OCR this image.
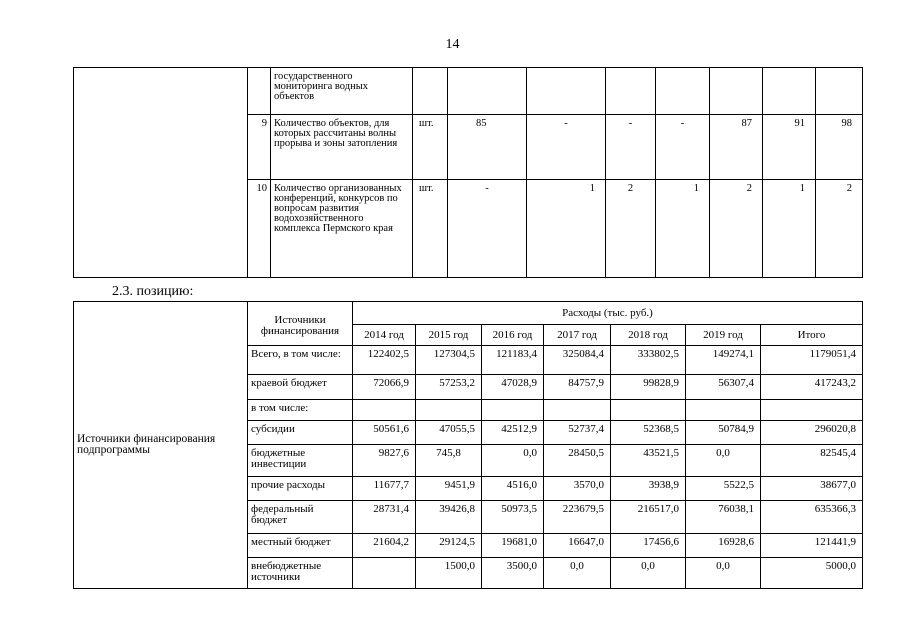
14
		государственного мониторинга водных объектов								
	9	Количество объектов, для которых рассчитаны волны прорыва и зоны затопления	шт.	85	-	-	-	87	91	98
	10	Количество организованных конференций, конкурсов по вопросам развития водохозяйственного комплекса Пермского края	шт.	-	1	2	1	2	1	2
2.3. позицию:
Источники финансирования подпрограммы	Источники финансирования	Расходы (тыс. руб.)						
		2014 год	2015 год	2016 год	2017 год	2018 год	2019 год	Итого
	Всего, в том числе:	122402,5	127304,5	121183,4	325084,4	333802,5	149274,1	1179051,4
	краевой бюджет	72066,9	57253,2	47028,9	84757,9	99828,9	56307,4	417243,2
	в том числе:							
	субсидии	50561,6	47055,5	42512,9	52737,4	52368,5	50784,9	296020,8
	бюджетные инвестиции	9827,6	745,8	0,0	28450,5	43521,5	0,0	82545,4
	прочие расходы	11677,7	9451,9	4516,0	3570,0	3938,9	5522,5	38677,0
	федеральный бюджет	28731,4	39426,8	50973,5	223679,5	216517,0	76038,1	635366,3
	местный бюджет	21604,2	29124,5	19681,0	16647,0	17456,6	16928,6	121441,9
	внебюджетные источники		1500,0	3500,0	0,0	0,0	0,0	5000,0
